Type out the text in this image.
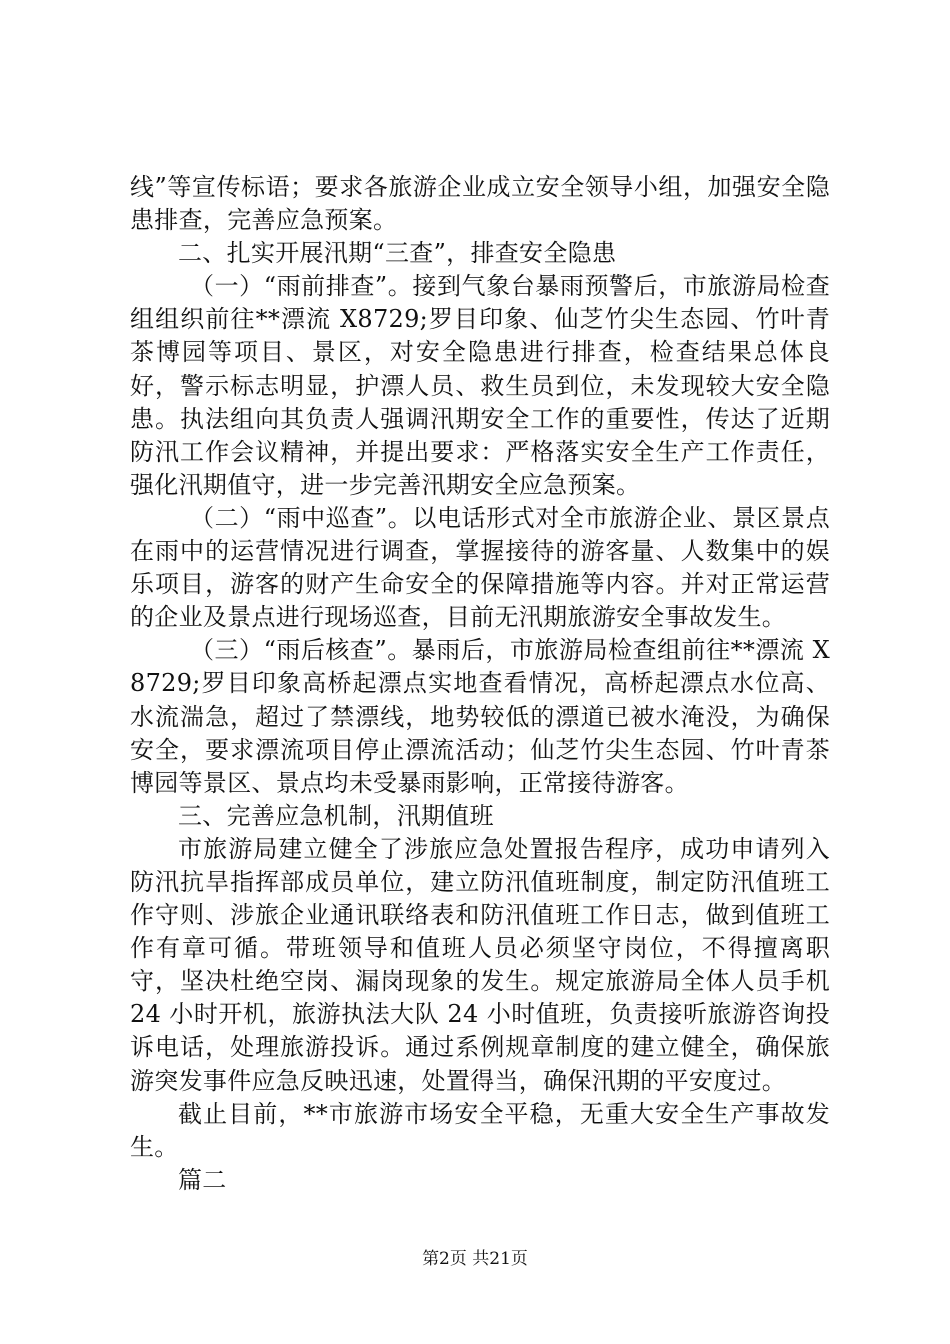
线”等宣传标语；要求各旅游企业成立安全领导小组，加强安全隐患排查，完善应急预案。

二、扎实开展汛期“三查”，排查安全隐患

（一）“雨前排查”。接到气象台暴雨预警后，市旅游局检查组组织前往**漂流 X8729;罗目印象、仙芝竹尖生态园、竹叶青茶博园等项目、景区，对安全隐患进行排查，检查结果总体良好，警示标志明显，护漂人员、救生员到位，未发现较大安全隐患。执法组向其负责人强调汛期安全工作的重要性，传达了近期防汛工作会议精神，并提出要求：严格落实安全生产工作责任，强化汛期值守，进一步完善汛期安全应急预案。

（二）“雨中巡查”。以电话形式对全市旅游企业、景区景点在雨中的运营情况进行调查，掌握接待的游客量、人数集中的娱乐项目，游客的财产生命安全的保障措施等内容。并对正常运营的企业及景点进行现场巡查，目前无汛期旅游安全事故发生。

（三）“雨后核查”。暴雨后，市旅游局检查组前往**漂流 X8729;罗目印象高桥起漂点实地查看情况，高桥起漂点水位高、水流湍急，超过了禁漂线，地势较低的漂道已被水淹没，为确保安全，要求漂流项目停止漂流活动；仙芝竹尖生态园、竹叶青茶博园等景区、景点均未受暴雨影响，正常接待游客。

三、完善应急机制，汛期值班

市旅游局建立健全了涉旅应急处置报告程序，成功申请列入防汛抗旱指挥部成员单位，建立防汛值班制度，制定防汛值班工作守则、涉旅企业通讯联络表和防汛值班工作日志，做到值班工作有章可循。带班领导和值班人员必须坚守岗位，不得擅离职守，坚决杜绝空岗、漏岗现象的发生。规定旅游局全体人员手机 24 小时开机，旅游执法大队 24 小时值班，负责接听旅游咨询投诉电话，处理旅游投诉。通过系例规章制度的建立健全，确保旅游突发事件应急反映迅速，处置得当，确保汛期的平安度过。

截止目前，**市旅游市场安全平稳，无重大安全生产事故发生。

篇二

第2页 共21页
